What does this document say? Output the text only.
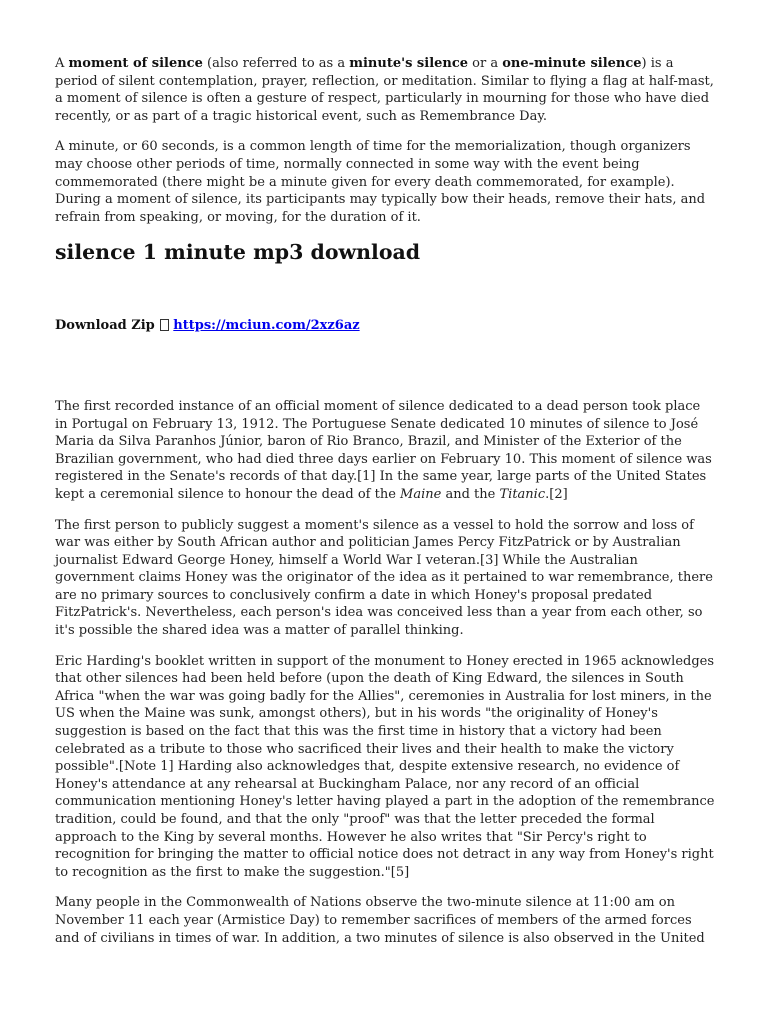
A moment of silence (also referred to as a minute's silence or a one-minute silence) is a period of silent contemplation, prayer, reflection, or meditation. Similar to flying a flag at half-mast, a moment of silence is often a gesture of respect, particularly in mourning for those who have died recently, or as part of a tragic historical event, such as Remembrance Day.

A minute, or 60 seconds, is a common length of time for the memorialization, though organizers may choose other periods of time, normally connected in some way with the event being commemorated (there might be a minute given for every death commemorated, for example). During a moment of silence, its participants may typically bow their heads, remove their hats, and refrain from speaking, or moving, for the duration of it.

silence 1 minute mp3 download

Download Zip https://mciun.com/2xz6az

The first recorded instance of an official moment of silence dedicated to a dead person took place in Portugal on February 13, 1912. The Portuguese Senate dedicated 10 minutes of silence to José Maria da Silva Paranhos Júnior, baron of Rio Branco, Brazil, and Minister of the Exterior of the Brazilian government, who had died three days earlier on February 10. This moment of silence was registered in the Senate's records of that day.[1] In the same year, large parts of the United States kept a ceremonial silence to honour the dead of the Maine and the Titanic.[2]

The first person to publicly suggest a moment's silence as a vessel to hold the sorrow and loss of war was either by South African author and politician James Percy FitzPatrick or by Australian journalist Edward George Honey, himself a World War I veteran.[3] While the Australian government claims Honey was the originator of the idea as it pertained to war remembrance, there are no primary sources to conclusively confirm a date in which Honey's proposal predated FitzPatrick's. Nevertheless, each person's idea was conceived less than a year from each other, so it's possible the shared idea was a matter of parallel thinking.

Eric Harding's booklet written in support of the monument to Honey erected in 1965 acknowledges that other silences had been held before (upon the death of King Edward, the silences in South Africa "when the war was going badly for the Allies", ceremonies in Australia for lost miners, in the US when the Maine was sunk, amongst others), but in his words "the originality of Honey's suggestion is based on the fact that this was the first time in history that a victory had been celebrated as a tribute to those who sacrificed their lives and their health to make the victory possible".[Note 1] Harding also acknowledges that, despite extensive research, no evidence of Honey's attendance at any rehearsal at Buckingham Palace, nor any record of an official communication mentioning Honey's letter having played a part in the adoption of the remembrance tradition, could be found, and that the only "proof" was that the letter preceded the formal approach to the King by several months. However he also writes that "Sir Percy's right to recognition for bringing the matter to official notice does not detract in any way from Honey's right to recognition as the first to make the suggestion."[5]

Many people in the Commonwealth of Nations observe the two-minute silence at 11:00 am on November 11 each year (Armistice Day) to remember sacrifices of members of the armed forces and of civilians in times of war. In addition, a two minutes of silence is also observed in the United
